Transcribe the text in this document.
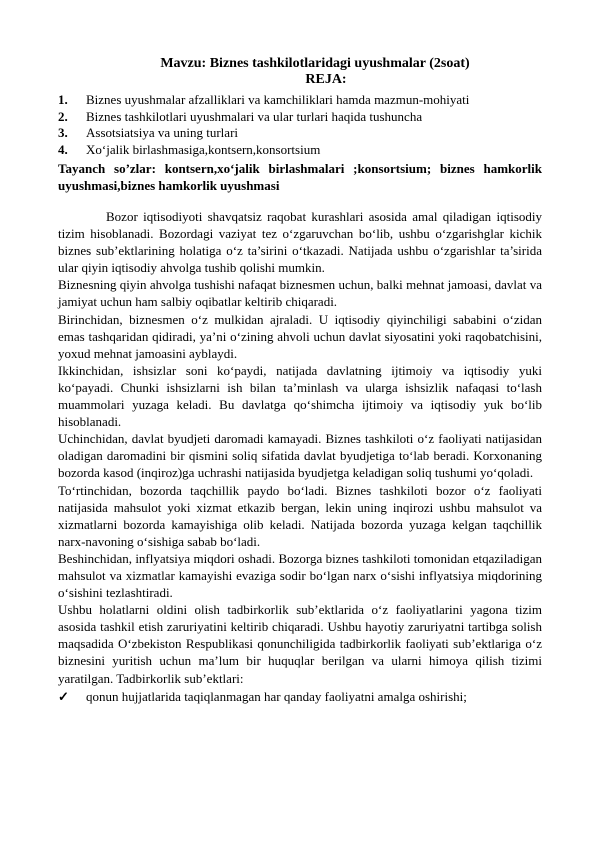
Mavzu: Biznes tashkilotlaridagi uyushmalar (2soat)
REJA:
1.	Biznes uyushmalar afzalliklari va kamchiliklari hamda mazmun-mohiyati
2.	Biznes tashkilotlari uyushmalari va ular turlari haqida tushuncha
3.	Assotsiatsiya va uning turlari
4.	Xo‘jalik birlashmasiga,kontsern,konsortsium

Tayanch so’zlar: kontsern,xo‘jalik birlashmalari ;konsortsium; biznes hamkorlik uyushmasi,biznes hamkorlik uyushmasi

Bozor iqtisodiyoti shavqatsiz raqobat kurashlari asosida amal qiladigan iqtisodiy tizim hisoblanadi. Bozordagi vaziyat tez o‘zgaruvchan bo‘lib, ushbu o‘zgarishglar kichik biznes sub’ektlarining holatiga o‘z ta’sirini o‘tkazadi. Natijada ushbu o‘zgarishlar ta’sirida ular qiyin iqtisodiy ahvolga tushib qolishi mumkin.

Biznesning qiyin ahvolga tushishi nafaqat biznesmen uchun, balki mehnat jamoasi, davlat va jamiyat uchun ham salbiy oqibatlar keltirib chiqaradi.

Birinchidan, biznesmen o‘z mulkidan ajraladi. U iqtisodiy qiyinchiligi sababini o‘zidan emas tashqaridan qidiradi, ya’ni o‘zining ahvoli uchun davlat siyosatini yoki raqobatchisini, yoxud mehnat jamoasini ayblaydi.

Ikkinchidan, ishsizlar soni ko‘paydi, natijada davlatning ijtimoiy va iqtisodiy yuki ko‘payadi. Chunki ishsizlarni ish bilan ta’minlash va ularga ishsizlik nafaqasi to‘lash muammolari yuzaga keladi. Bu davlatga qo‘shimcha ijtimoiy va iqtisodiy yuk bo‘lib hisoblanadi.

Uchinchidan, davlat byudjeti daromadi kamayadi. Biznes tashkiloti o‘z faoliyati natijasidan oladigan daromadini bir qismini soliq sifatida davlat byudjetiga to‘lab beradi. Korxonaning bozorda kasod (inqiroz)ga uchrashi natijasida byudjetga keladigan soliq tushumi yo‘qoladi.

To‘rtinchidan, bozorda taqchillik paydo bo‘ladi. Biznes tashkiloti bozor o‘z faoliyati natijasida mahsulot yoki xizmat etkazib bergan, lekin uning inqirozi ushbu mahsulot va xizmatlarni bozorda kamayishiga olib keladi. Natijada bozorda yuzaga kelgan taqchillik narx-navoning o‘sishiga sabab bo‘ladi.

Beshinchidan, inflyatsiya miqdori oshadi. Bozorga biznes tashkiloti tomonidan etqaziladigan mahsulot va xizmatlar kamayishi evaziga sodir bo‘lgan narx o‘sishi inflyatsiya miqdorining o‘sishini tezlashtiradi.

Ushbu holatlarni oldini olish tadbirkorlik sub’ektlarida o‘z faoliyatlarini yagona tizim asosida tashkil etish zaruriyatini keltirib chiqaradi. Ushbu hayotiy zaruriyatni tartibga solish maqsadida O‘zbekiston Respublikasi qonunchiligida tadbirkorlik faoliyati sub’ektlariga o‘z biznesini yuritish uchun ma’lum bir huquqlar berilgan va ularni himoya qilish tizimi yaratilgan. Tadbirkorlik sub’ektlari:

✓	qonun hujjatlarida taqiqlanmagan har qanday faoliyatni amalga oshirishi;
